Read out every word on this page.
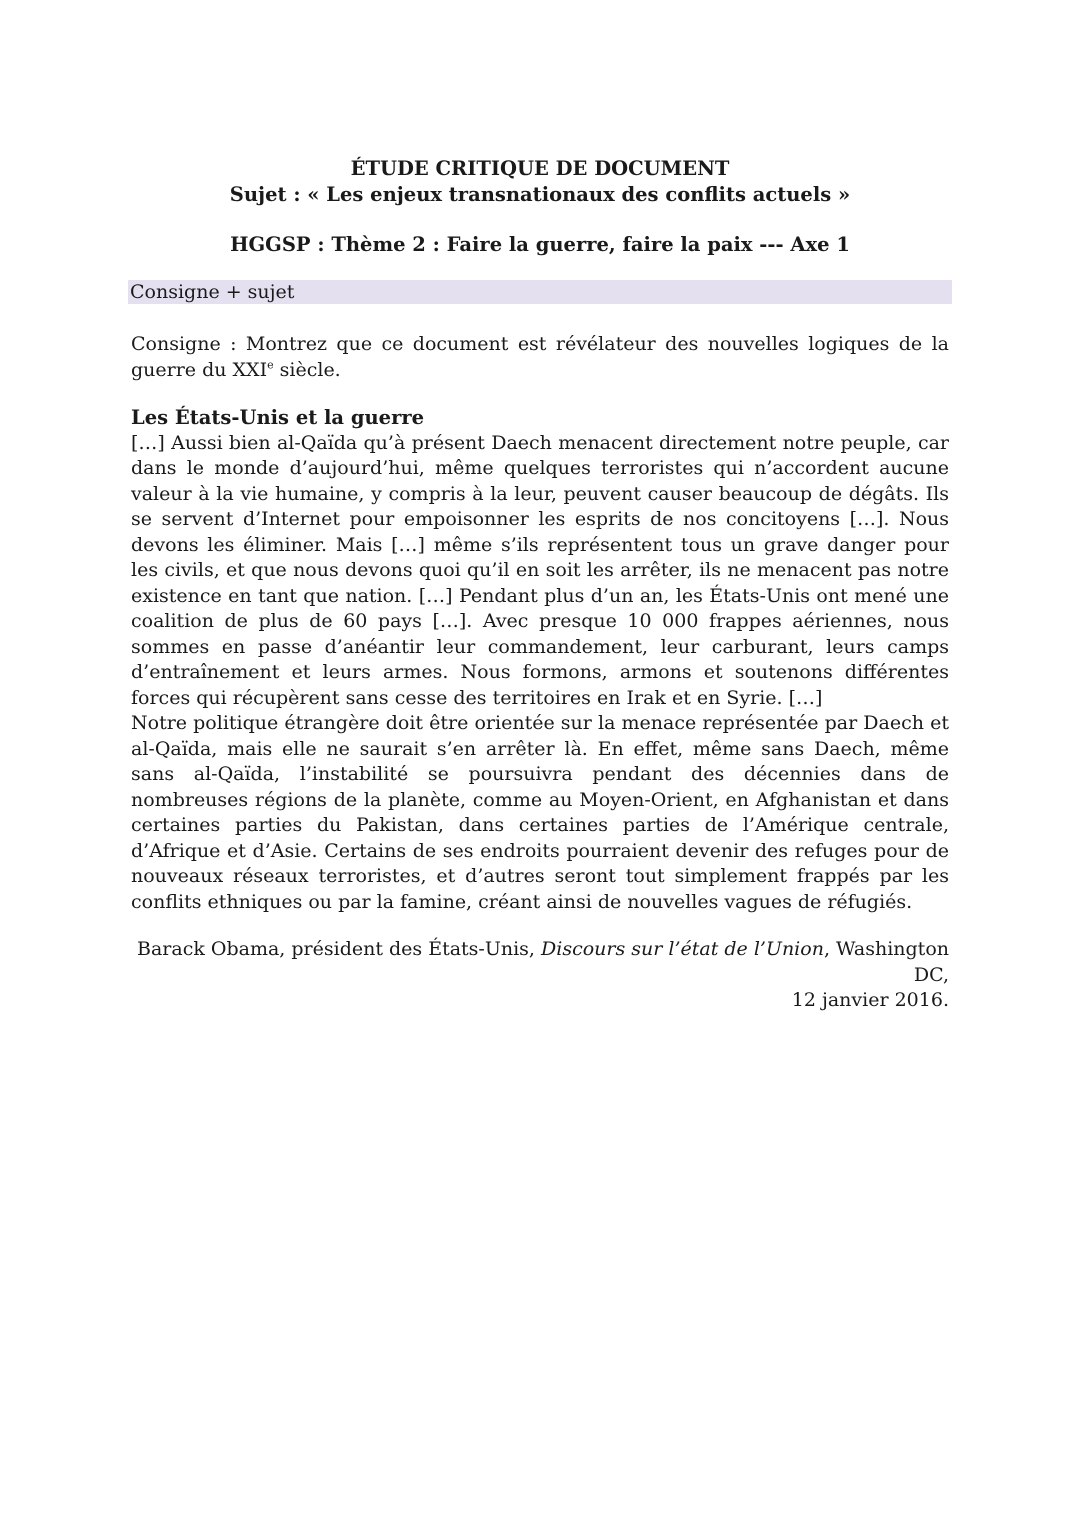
ÉTUDE CRITIQUE DE DOCUMENT
Sujet : « Les enjeux transnationaux des conflits actuels »
HGGSP : Thème 2 : Faire la guerre, faire la paix --- Axe 1
Consigne + sujet
Consigne : Montrez que ce document est révélateur des nouvelles logiques de la guerre du XXIe siècle.
Les États-Unis et la guerre

[…] Aussi bien al-Qaïda qu’à présent Daech menacent directement notre peuple, car dans le monde d’aujourd’hui, même quelques terroristes qui n’accordent aucune valeur à la vie humaine, y compris à la leur, peuvent causer beaucoup de dégâts. Ils se servent d’Internet pour empoisonner les esprits de nos concitoyens […]. Nous devons les éliminer. Mais […] même s’ils représentent tous un grave danger pour les civils, et que nous devons quoi qu’il en soit les arrêter, ils ne menacent pas notre existence en tant que nation. […] Pendant plus d’un an, les États-Unis ont mené une coalition de plus de 60 pays […]. Avec presque 10 000 frappes aériennes, nous sommes en passe d’anéantir leur commandement, leur carburant, leurs camps d’entraînement et leurs armes. Nous formons, armons et soutenons différentes forces qui récupèrent sans cesse des territoires en Irak et en Syrie. […]

Notre politique étrangère doit être orientée sur la menace représentée par Daech et al-Qaïda, mais elle ne saurait s’en arrêter là. En effet, même sans Daech, même sans al-Qaïda, l’instabilité se poursuivra pendant des décennies dans de nombreuses régions de la planète, comme au Moyen-Orient, en Afghanistan et dans certaines parties du Pakistan, dans certaines parties de l’Amérique centrale, d’Afrique et d’Asie. Certains de ses endroits pourraient devenir des refuges pour de nouveaux réseaux terroristes, et d’autres seront tout simplement frappés par les conflits ethniques ou par la famine, créant ainsi de nouvelles vagues de réfugiés.

Barack Obama, président des États-Unis, Discours sur l’état de l’Union, Washington DC,
12 janvier 2016.
